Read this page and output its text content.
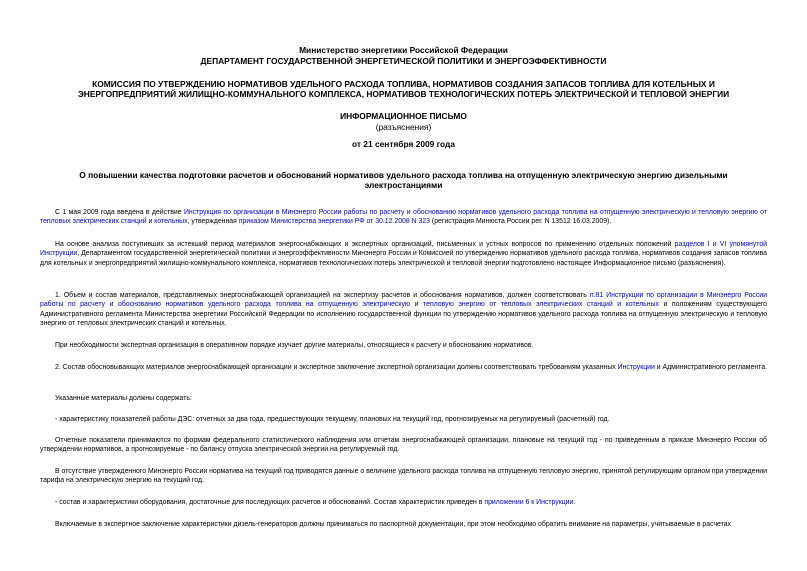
Министерство энергетики Российской Федерации
ДЕПАРТАМЕНТ ГОСУДАРСТВЕННОЙ ЭНЕРГЕТИЧЕСКОЙ ПОЛИТИКИ И ЭНЕРГОЭФФЕКТИВНОСТИ
КОМИССИЯ ПО УТВЕРЖДЕНИЮ НОРМАТИВОВ УДЕЛЬНОГО РАСХОДА ТОПЛИВА, НОРМАТИВОВ СОЗДАНИЯ ЗАПАСОВ ТОПЛИВА ДЛЯ КОТЕЛЬНЫХ И
ЭНЕРГОПРЕДПРИЯТИЙ ЖИЛИЩНО-КОММУНАЛЬНОГО КОМПЛЕКСА, НОРМАТИВОВ ТЕХНОЛОГИЧЕСКИХ ПОТЕРЬ ЭЛЕКТРИЧЕСКОЙ И ТЕПЛОВОЙ ЭНЕРГИИ
ИНФОРМАЦИОННОЕ ПИСЬМО
(разъяснения)
от 21 сентября 2009 года
О повышении качества подготовки расчетов и обоснований нормативов удельного расхода топлива на отпущенную электрическую энергию дизельными
электростанциями

С 1 мая 2009 года введена в действие Инструкция по организации в Минэнерго России работы по расчету и обоснованию нормативов удельного расхода топлива на отпущенную электрическую и тепловую энергию от тепловых электрических станций и котельных, утвержденная приказом Министерства энергетики РФ от 30.12.2008 N 323 (регистрация Минюста России рег. N 13512 16.03.2009).

На основе анализа поступивших за истекший период материалов энергоснабжающих и экспертных организаций, письменных и устных вопросов по применению отдельных положений разделов I и VI упомянутой Инструкции, Департаментом государственной энергетической политики и энергоэффективности Минэнерго России и Комиссией по утверждению нормативов удельного расхода топлива, нормативов создания запасов топлива для котельных и энергопредприятий жилищно-коммунального комплекса, нормативов технологических потерь электрической и тепловой энергии подготовлено настоящее Информационное письмо (разъяснения).

1. Объем и состав материалов, представляемых энергоснабжающей организацией на экспертизу расчетов и обоснования нормативов, должен соответствовать п.81 Инструкции по организации в Минэнерго России работы по расчету и обоснованию нормативов удельного расхода топлива на отпущенную электрическую и тепловую энергию от тепловых электрических станций и котельных и положениям существующего Административного регламента Министерства энергетики Российской Федерации по исполнению государственной функции по утверждению нормативов удельного расхода топлива на отпущенную электрическую и тепловую энергию от тепловых электрических станций и котельных.

При необходимости экспертная организация в оперативном порядке изучает другие материалы, относящиеся к расчету и обоснованию нормативов.

2. Состав обосновывающих материалов энергоснабжающей организации и экспертное заключение экспертной организации должны соответствовать требованиям указанных Инструкции и Административного регламента.

Указанные материалы должны содержать:

- характеристику показателей работы ДЭС: отчетных за два года, предшествующих текущему, плановых на текущий год, прогнозируемых на регулируемый (расчетный) год.

Отчетные показатели принимаются по формам федерального статистического наблюдения или отчетам энергоснабжающей организации, плановые на текущий год - по приведенным в приказе Минэнерго России об утверждении нормативов, а прогнозируемые - по балансу отпуска электрической энергии на регулируемый год.

В отсутствие утвержденного Минэнерго России норматива на текущий год приводятся данные о величине удельного расхода топлива на отпущенную тепловую энергию, принятой регулирующим органом при утверждении тарифа на электрическую энергию на текущий год.

- состав и характеристики оборудования, достаточные для последующих расчетов и обоснований. Состав характеристик приведен в приложении 6 к Инструкции.

Включаемые в экспертное заключение характеристики дизель-генераторов должны приниматься по паспортной документации, при этом необходимо обратить внимание на параметры, учитываемые в расчетах
